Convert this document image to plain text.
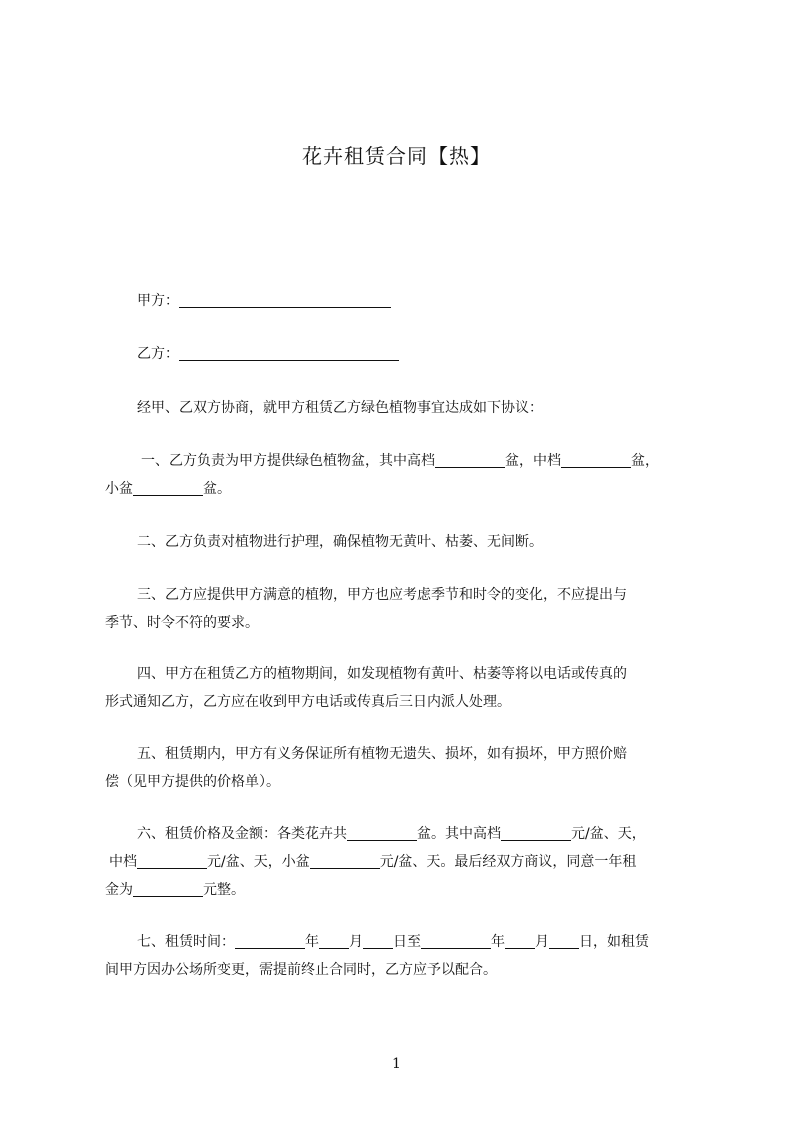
花卉租赁合同【热】
甲方：
乙方：
经甲、乙双方协商，就甲方租赁乙方绿色植物事宜达成如下协议：
一、乙方负责为甲方提供绿色植物盆，其中高档	盆，中档	盆，
小盆	盆。
二、乙方负责对植物进行护理，确保植物无黄叶、枯萎、无间断。
三、乙方应提供甲方满意的植物，甲方也应考虑季节和时令的变化，不应提出与
季节、时令不符的要求。
四、甲方在租赁乙方的植物期间，如发现植物有黄叶、枯萎等将以电话或传真的
形式通知乙方，乙方应在收到甲方电话或传真后三日内派人处理。
五、租赁期内，甲方有义务保证所有植物无遗失、损坏，如有损坏，甲方照价赔
偿（见甲方提供的价格单）。
六、租赁价格及金额：各类花卉共	盆。其中高档	元/盆、天，
中档	元/盆、天，小盆	元/盆、天。最后经双方商议，同意一年租
金为	元整。
七、租赁时间：	年 月 日至	年 月 日，如租赁
间甲方因办公场所变更，需提前终止合同时，乙方应予以配合。
1
